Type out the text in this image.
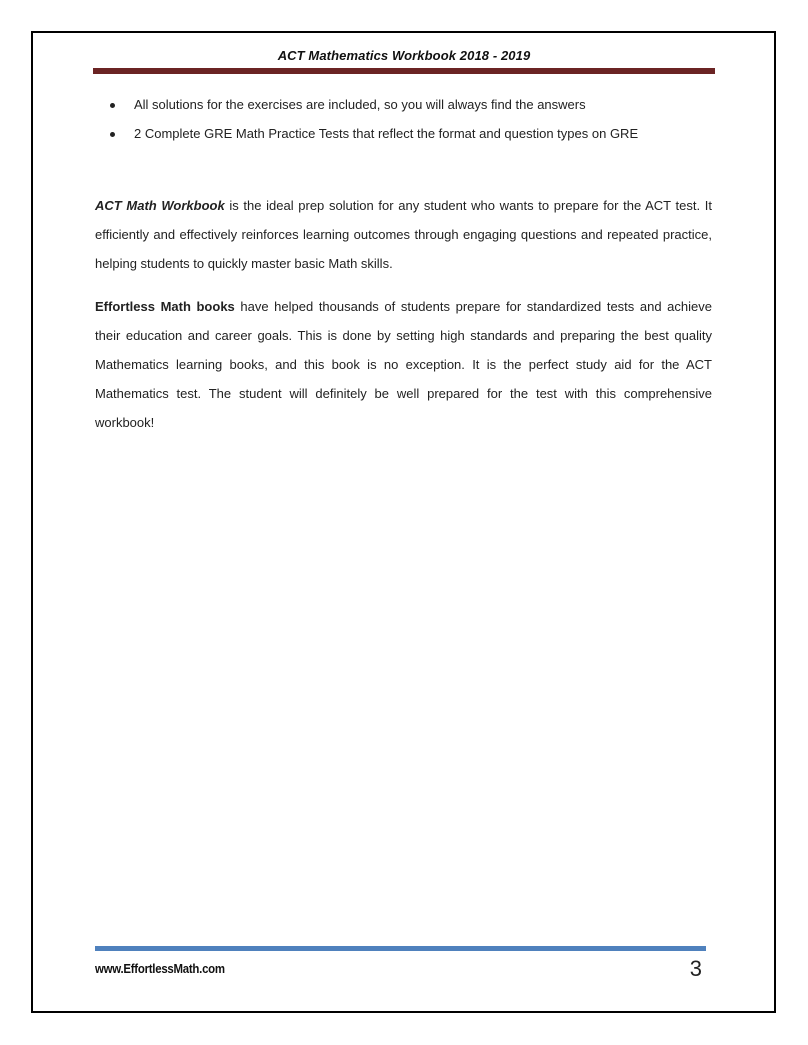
ACT Mathematics Workbook 2018 - 2019
All solutions for the exercises are included, so you will always find the answers
2 Complete GRE Math Practice Tests that reflect the format and question types on GRE

ACT Math Workbook is the ideal prep solution for any student who wants to prepare for the ACT test. It efficiently and effectively reinforces learning outcomes through engaging questions and repeated practice, helping students to quickly master basic Math skills.

Effortless Math books have helped thousands of students prepare for standardized tests and achieve their education and career goals. This is done by setting high standards and preparing the best quality Mathematics learning books, and this book is no exception. It is the perfect study aid for the ACT Mathematics test. The student will definitely be well prepared for the test with this comprehensive workbook!

www.EffortlessMath.com	3
